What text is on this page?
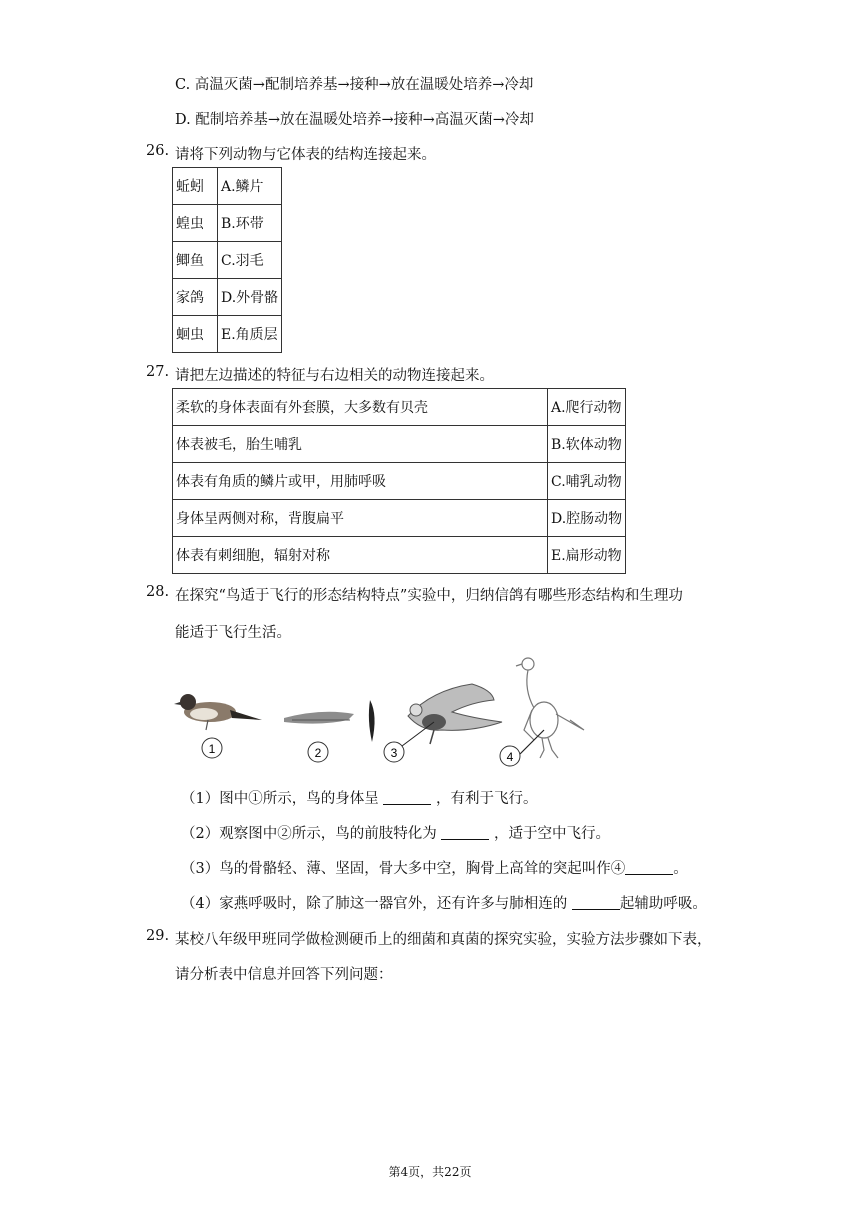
C. 高温灭菌→配制培养基→接种→放在温暖处培养→冷却
D. 配制培养基→放在温暖处培养→接种→高温灭菌→冷却
26. 请将下列动物与它体表的结构连接起来。
蚯蚓	A.鳞片
蝗虫	B.环带
鲫鱼	C.羽毛
家鸽	D.外骨骼
蛔虫	E.角质层
27. 请把左边描述的特征与右边相关的动物连接起来。
柔软的身体表面有外套膜，大多数有贝壳	A.爬行动物
体表被毛，胎生哺乳	B.软体动物
体表有角质的鳞片或甲，用肺呼吸	C.哺乳动物
身体呈两侧对称，背腹扁平	D.腔肠动物
体表有刺细胞，辐射对称	E.扁形动物
28. 在探究“鸟适于飞行的形态结构特点”实验中，归纳信鸽有哪些形态结构和生理功
能适于飞行生活。
1	2	3	4
（1）图中①所示，鸟的身体呈	，有利于飞行。
（2）观察图中②所示，鸟的前肢特化为	，适于空中飞行。
（3）鸟的骨骼轻、薄、坚固，骨大多中空，胸骨上高耸的突起叫作④	。
（4）家燕呼吸时，除了肺这一器官外，还有许多与肺相连的	起辅助呼吸。
29. 某校八年级甲班同学做检测硬币上的细菌和真菌的探究实验，实验方法步骤如下表，
请分析表中信息并回答下列问题：
第4页，共22页
